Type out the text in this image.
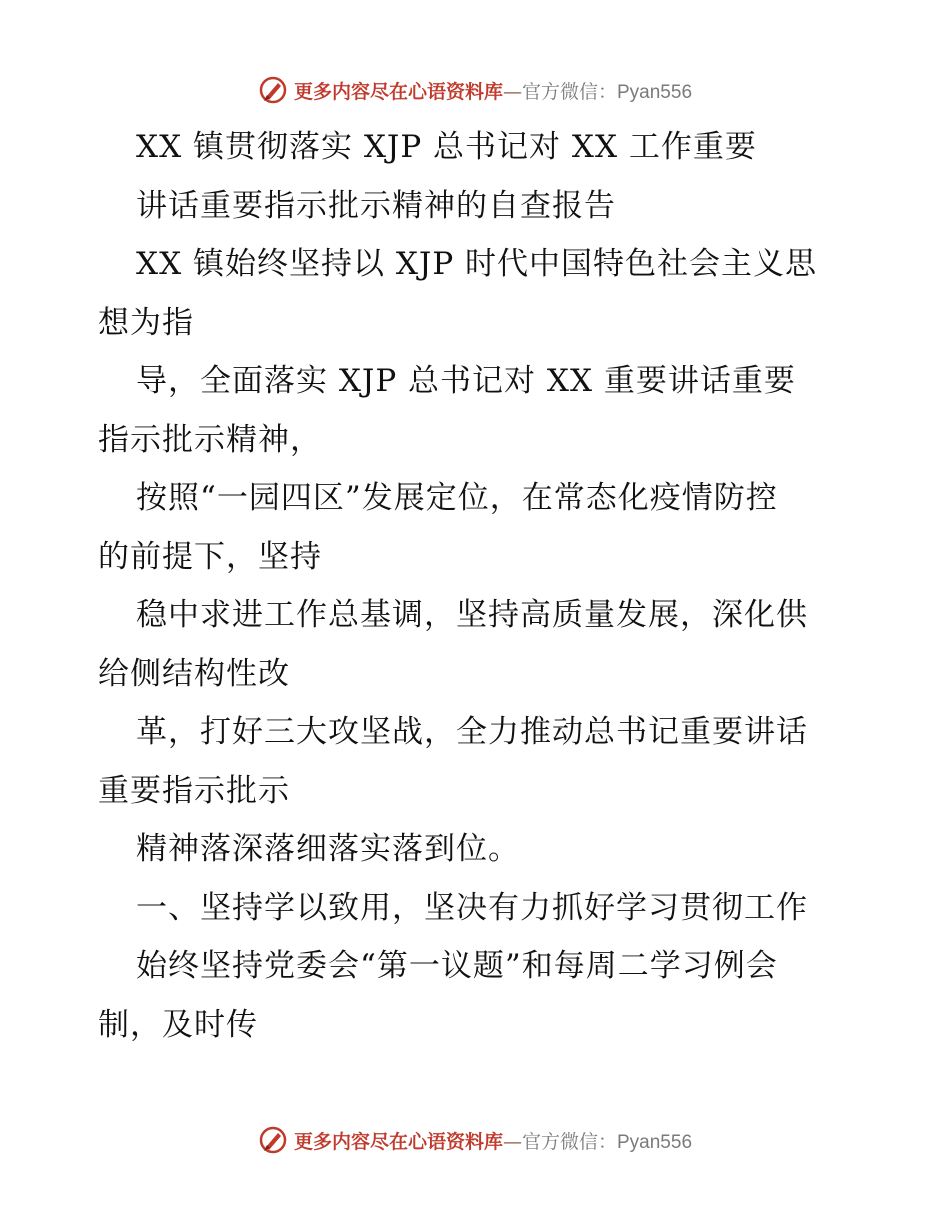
更多内容尽在心语资料库—官方微信：Pyan556
XX 镇贯彻落实 XJP 总书记对 XX 工作重要
讲话重要指示批示精神的自查报告
XX 镇始终坚持以 XJP 时代中国特色社会主义思
想为指
导，全面落实 XJP 总书记对 XX 重要讲话重要
指示批示精神，
按照“一园四区”发展定位，在常态化疫情防控
的前提下，坚持
稳中求进工作总基调，坚持高质量发展，深化供
给侧结构性改
革，打好三大攻坚战，全力推动总书记重要讲话
重要指示批示
精神落深落细落实落到位。
一、坚持学以致用，坚决有力抓好学习贯彻工作
始终坚持党委会“第一议题”和每周二学习例会
制，及时传
更多内容尽在心语资料库—官方微信：Pyan556
